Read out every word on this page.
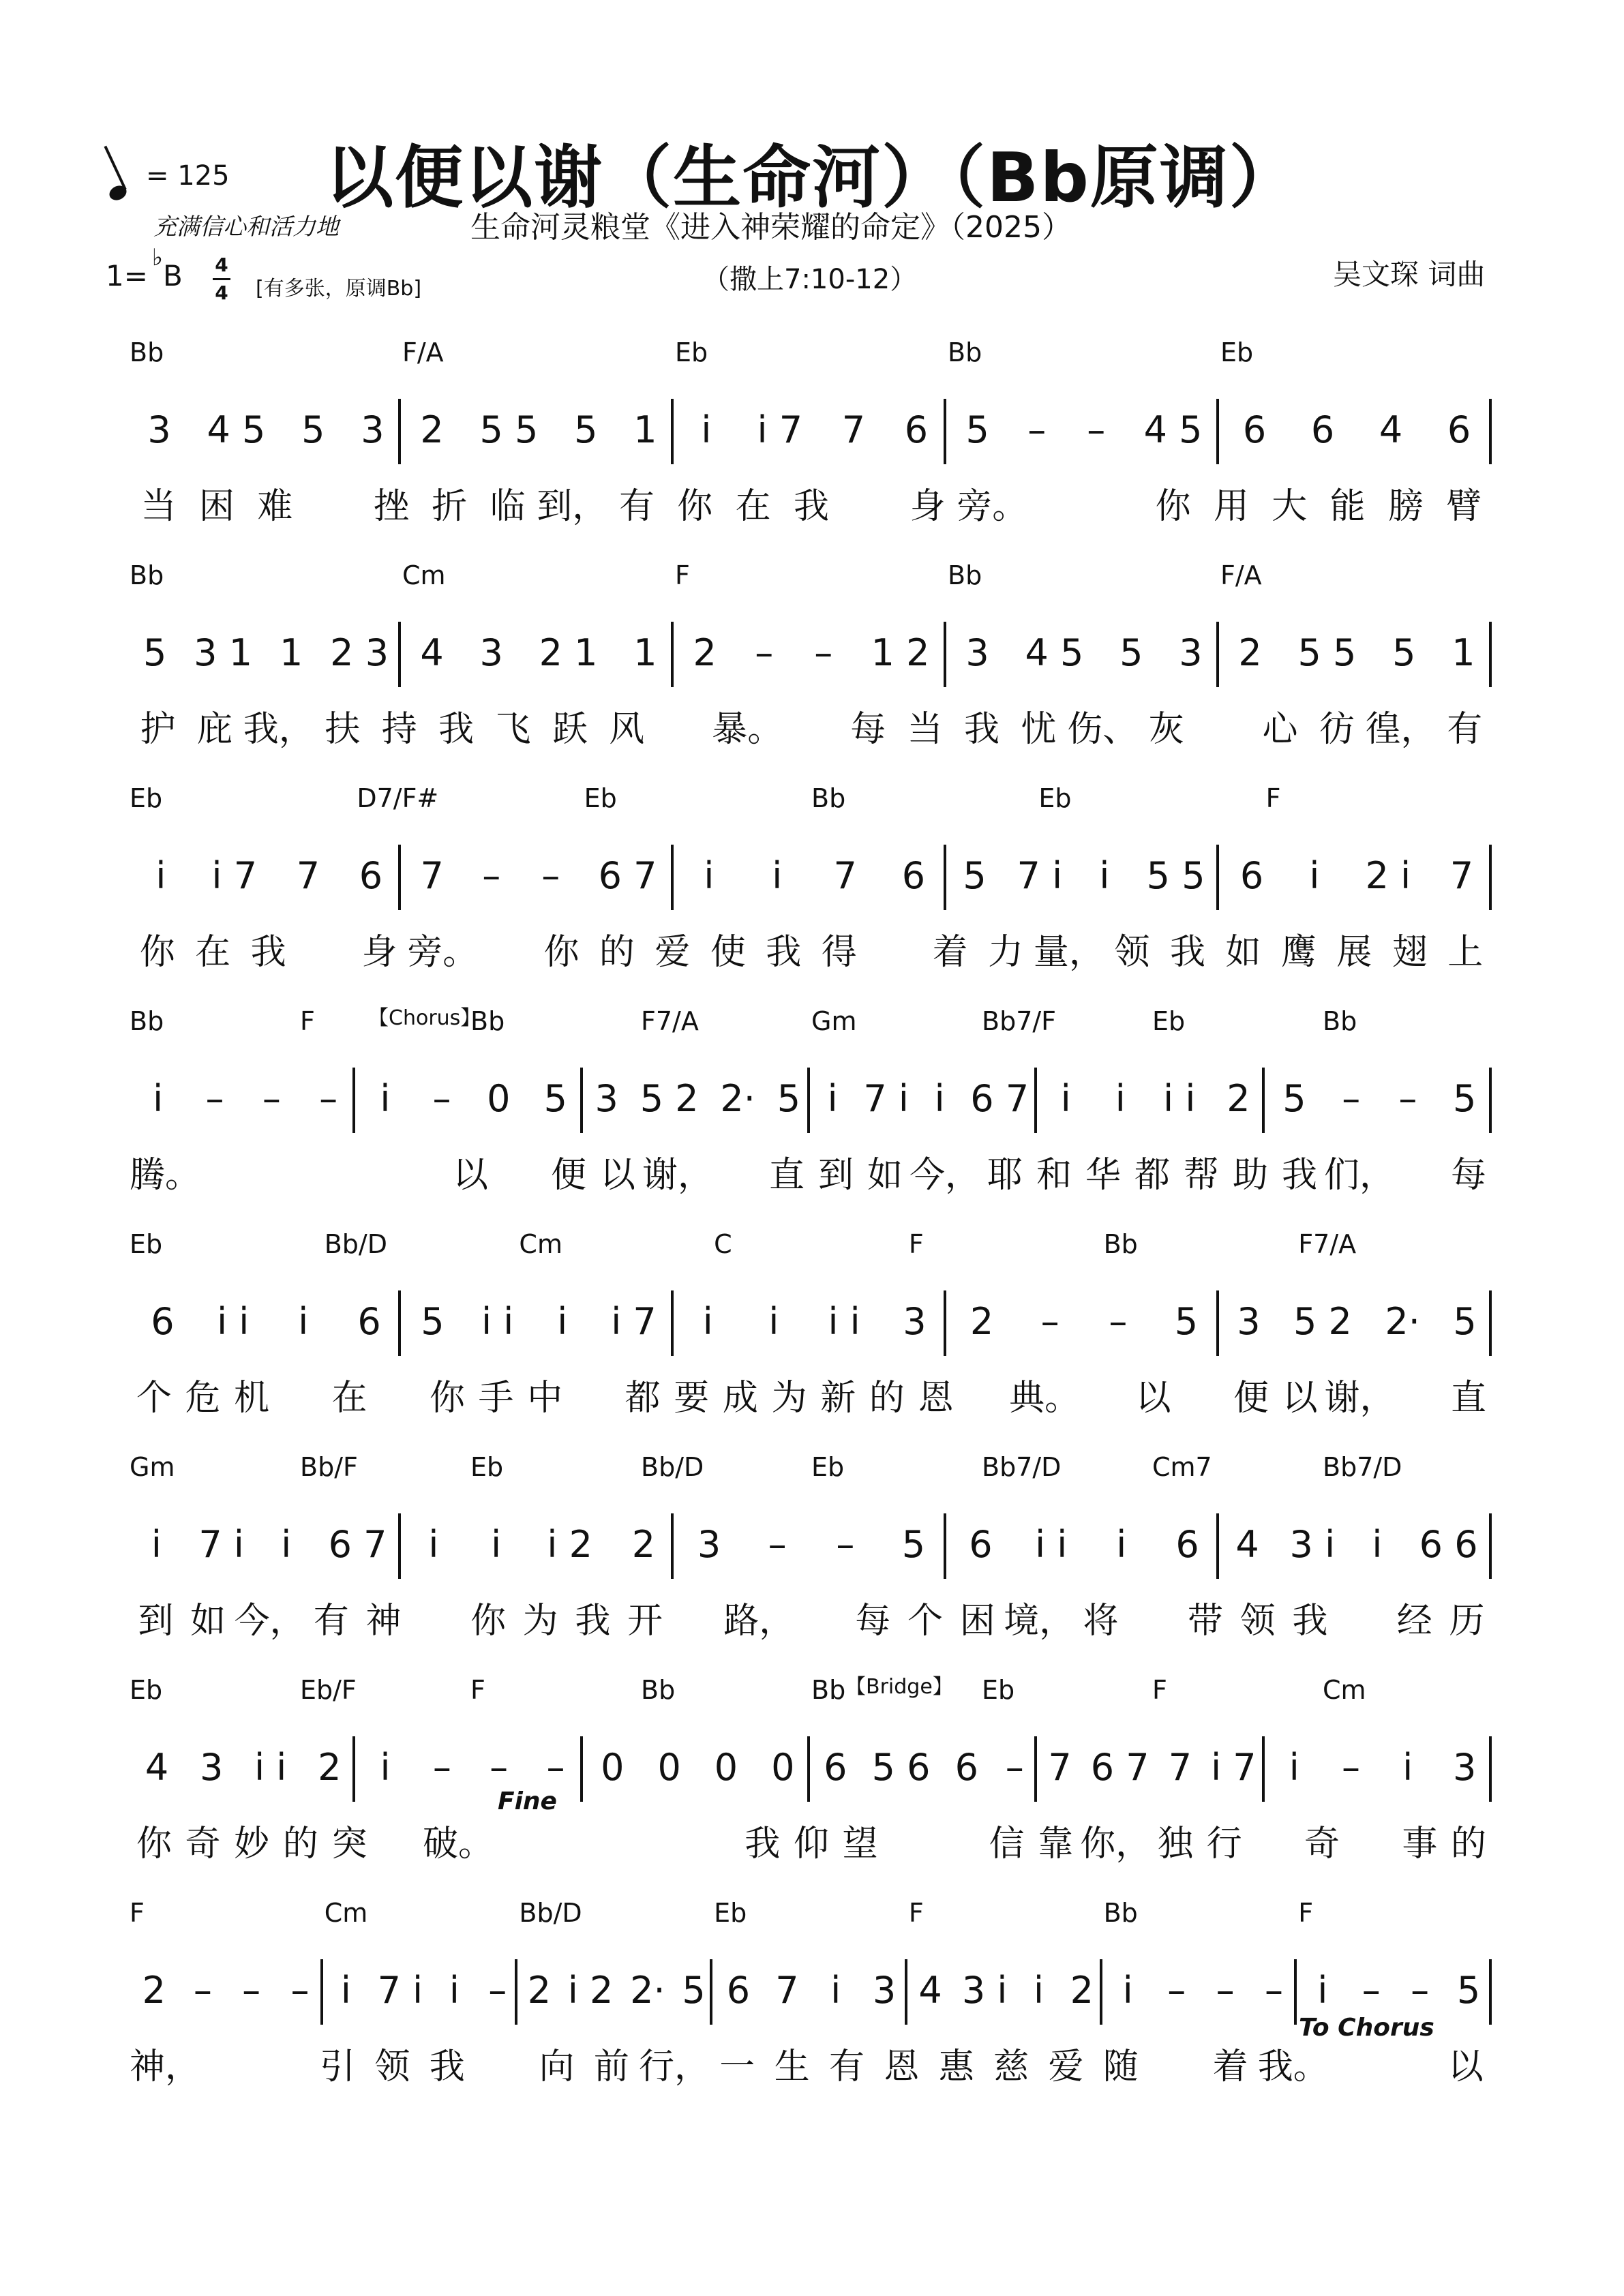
以便以谢（生命河）（Bb原调）
= 125
充满信心和活力地	生命河灵粮堂《进入神荣耀的命定》（2025）
1=♭B 4
4 [有多张，原调Bb]	（撒上7:10-12）	吴文琛 词曲
Bb	F/A	Eb	Bb	Eb
3 4 5 5 3 2 5 5 5 1 i i 7 7 6 5 – – 4 5 6 6 4 6
当 困 难	挫 折 临 到， 有 你 在 我	身 旁。	你 用 大 能 膀 臂
Bb	Cm	F	Bb	F/A
5 3 1 1 2 3 4 3 2 1 1 2 – – 1 2 3 4 5 5 3 2 5 5 5 1
护 庇 我， 扶 持 我 飞 跃 风	暴。	每 当 我 忧 伤、 灰	心 彷 徨， 有
Eb	D7/F#	Eb	Bb	Eb	F
i i 7 7 6 7 – – 6 7 i i 7 6 5 7 i i 5 5 6 i 2 i 7
你 在 我 身 旁。 你 的 爱 使 我 得 着 力 量， 领 我 如 鹰 展 翅 上
【Chorus】
Bb	F	Bb	F7/A	Gm	Bb7/F	Eb	Bb
i – – – i – 0 5 3 5 2 2· 5 i 7 i i 6 7 i i i i 2 5 – – 5
腾。	以 便 以 谢， 直 到 如 今， 耶 和 华 都 帮 助 我 们， 每
Eb	Bb/D	Cm	C	F	Bb	F7/A
6 i i i 6 5 i i i i 7 i i i i 3 2 – – 5 3 5 2 2· 5
个 危 机 在 你 手 中 都 要 成 为 新 的 恩 典。 以 便 以 谢， 直
Gm	Bb/F	Eb	Bb/D	Eb	Bb7/D	Cm7	Bb7/D
i 7 i i 6 7 i i i 2 2 3 – – 5 6 i i i 6 4 3 i i 6 6
到 如 今， 有 神 你 为 我 开 路， 每 个 困 境， 将 带 领 我 经 历
【Bridge】
Eb	Eb/F	F	Bb	Bb	Eb	F	Cm
4 3 i i 2 i – – – 0 0 0 0 6 5 6 6 – 7 6 7 7 i 7 i – i 3
Fine
你 奇 妙 的 突 破。	我 仰 望	信 靠 你， 独 行 奇 事 的
F	Cm	Bb/D	Eb	F	Bb	F
2 – – – i 7 i i – 2 i 2 2· 5 6 7 i 3 4 3 i i 2 i – – – i – – 5
To Chorus
神，	引 领 我 向 前 行， 一 生 有 恩 惠 慈 爱 随 着 我。	以
